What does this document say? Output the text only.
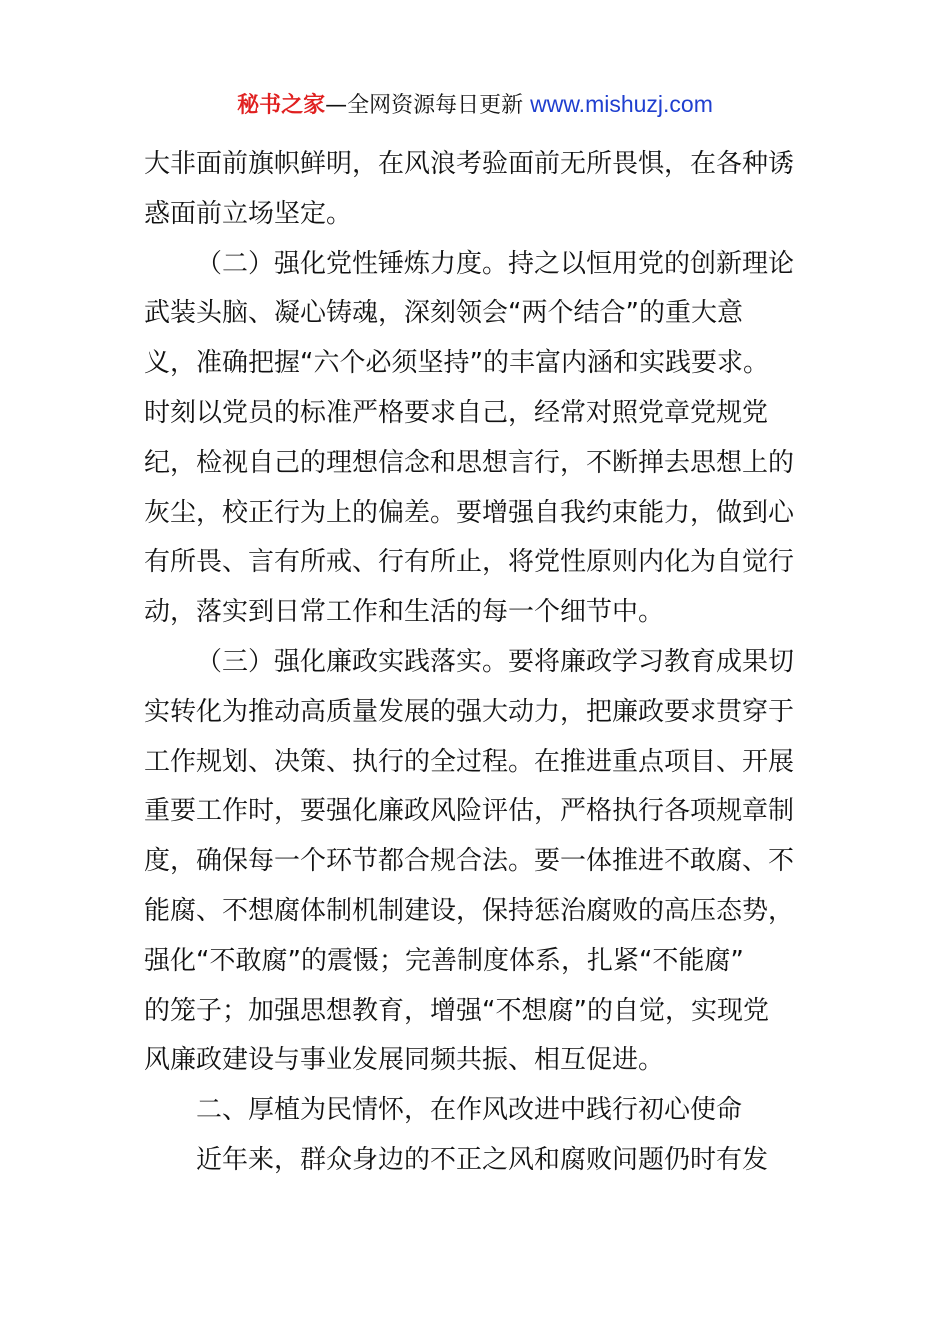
秘书之家—全网资源每日更新 www.mishuzj.com
大非面前旗帜鲜明，在风浪考验面前无所畏惧，在各种诱
惑面前立场坚定。
（二）强化党性锤炼力度。持之以恒用党的创新理论
武装头脑、凝心铸魂，深刻领会“两个结合”的重大意
义，准确把握“六个必须坚持”的丰富内涵和实践要求。
时刻以党员的标准严格要求自己，经常对照党章党规党
纪，检视自己的理想信念和思想言行，不断掸去思想上的
灰尘，校正行为上的偏差。要增强自我约束能力，做到心
有所畏、言有所戒、行有所止，将党性原则内化为自觉行
动，落实到日常工作和生活的每一个细节中。
（三）强化廉政实践落实。要将廉政学习教育成果切
实转化为推动高质量发展的强大动力，把廉政要求贯穿于
工作规划、决策、执行的全过程。在推进重点项目、开展
重要工作时，要强化廉政风险评估，严格执行各项规章制
度，确保每一个环节都合规合法。要一体推进不敢腐、不
能腐、不想腐体制机制建设，保持惩治腐败的高压态势，
强化“不敢腐”的震慑；完善制度体系，扎紧“不能腐”
的笼子；加强思想教育，增强“不想腐”的自觉，实现党
风廉政建设与事业发展同频共振、相互促进。
二、厚植为民情怀，在作风改进中践行初心使命
近年来，群众身边的不正之风和腐败问题仍时有发
